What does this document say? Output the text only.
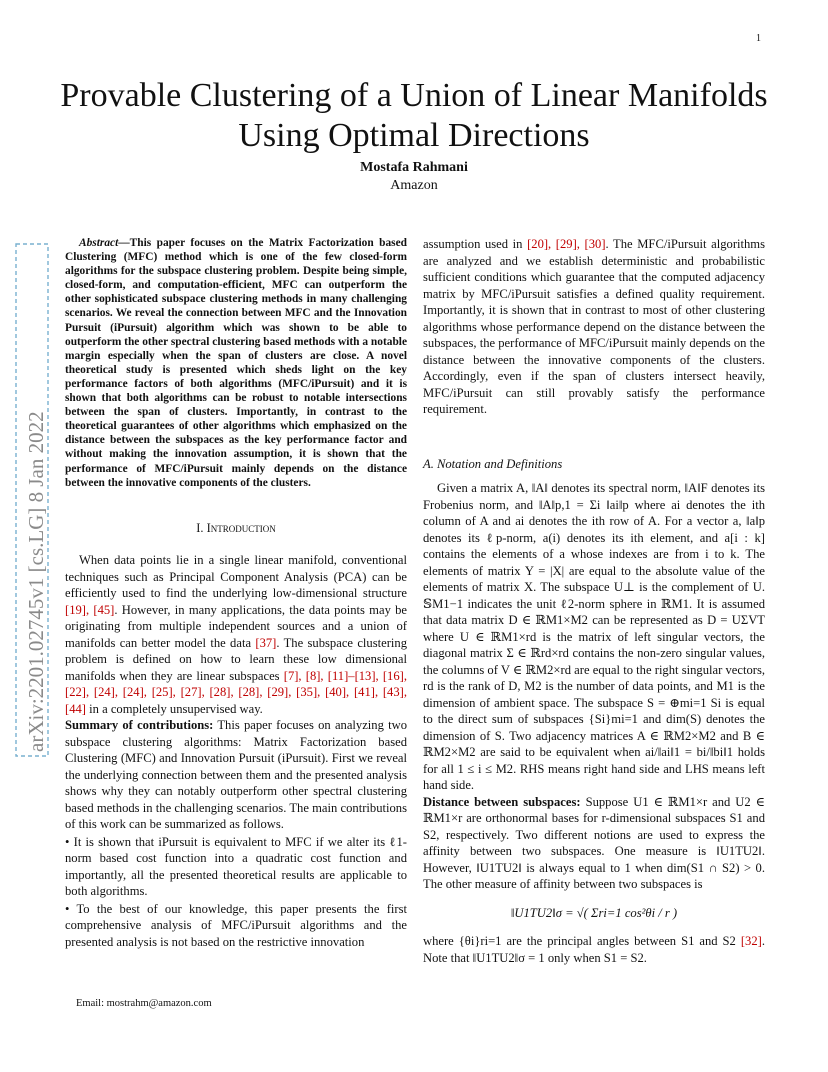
1
arXiv:2201.02745v1 [cs.LG] 8 Jan 2022
Provable Clustering of a Union of Linear Manifolds Using Optimal Directions
Mostafa Rahmani
Amazon

Abstract—This paper focuses on the Matrix Factorization based Clustering (MFC) method which is one of the few closed-form algorithms for the subspace clustering problem. Despite being simple, closed-form, and computation-efficient, MFC can outperform the other sophisticated subspace clustering methods in many challenging scenarios. We reveal the connection between MFC and the Innovation Pursuit (iPursuit) algorithm which was shown to be able to outperform the other spectral clustering based methods with a notable margin especially when the span of clusters are close. A novel theoretical study is presented which sheds light on the key performance factors of both algorithms (MFC/iPursuit) and it is shown that both algorithms can be robust to notable intersections between the span of clusters. Importantly, in contrast to the theoretical guarantees of other algorithms which emphasized on the distance between the subspaces as the key performance factor and without making the innovation assumption, it is shown that the performance of MFC/iPursuit mainly depends on the distance between the innovative components of the clusters.

I. Introduction

When data points lie in a single linear manifold, conventional techniques such as Principal Component Analysis (PCA) can be efficiently used to find the underlying low-dimensional structure [19], [45]. However, in many applications, the data points may be originating from multiple independent sources and a union of manifolds can better model the data [37]. The subspace clustering problem is defined on how to learn these low dimensional manifolds when they are linear subspaces [7], [8], [11]–[13], [16], [22], [24], [24], [25], [27], [28], [28], [29], [35], [40], [41], [43], [44] in a completely unsupervised way.

Summary of contributions: This paper focuses on analyzing two subspace clustering algorithms: Matrix Factorization based Clustering (MFC) and Innovation Pursuit (iPursuit). First we reveal the underlying connection between them and the presented analysis shows why they can notably outperform other spectral clustering based methods in the challenging scenarios. The main contributions of this work can be summarized as follows.

• It is shown that iPursuit is equivalent to MFC if we alter its ℓ1-norm based cost function into a quadratic cost function and importantly, all the presented theoretical results are applicable to both algorithms.

• To the best of our knowledge, this paper presents the first comprehensive analysis of MFC/iPursuit algorithms and the presented analysis is not based on the restrictive innovation

assumption used in [20], [29], [30]. The MFC/iPursuit algorithms are analyzed and we establish deterministic and probabilistic sufficient conditions which guarantee that the computed adjacency matrix by MFC/iPursuit satisfies a defined quality requirement. Importantly, it is shown that in contrast to most of other clustering algorithms whose performance depend on the distance between the subspaces, the performance of MFC/iPursuit mainly depends on the distance between the innovative components of the clusters. Accordingly, even if the span of clusters intersect heavily, MFC/iPursuit can still provably satisfy the performance requirement.

A. Notation and Definitions

Given a matrix A, ‖A‖ denotes its spectral norm, ‖A‖F denotes its Frobenius norm, and ‖A‖p,1 = Σi ‖ai‖p where ai denotes the ith column of A and ai denotes the ith row of A. For a vector a, ‖a‖p denotes its ℓp-norm, a(i) denotes its ith element, and a[i : k] contains the elements of a whose indexes are from i to k. The elements of matrix Y = |X| are equal to the absolute value of the elements of matrix X. The subspace U⊥ is the complement of U. 𝕊M1−1 indicates the unit ℓ2-norm sphere in ℝM1. It is assumed that data matrix D ∈ ℝM1×M2 can be represented as D = UΣVT where U ∈ ℝM1×rd is the matrix of left singular vectors, the diagonal matrix Σ ∈ ℝrd×rd contains the non-zero singular values, the columns of V ∈ ℝM2×rd are equal to the right singular vectors, rd is the rank of D, M2 is the number of data points, and M1 is the dimension of ambient space. The subspace S = ⊕mi=1 Si is equal to the direct sum of subspaces {Si}mi=1 and dim(S) denotes the dimension of S. Two adjacency matrices A ∈ ℝM2×M2 and B ∈ ℝM2×M2 are said to be equivalent when ai/‖ai‖1 = bi/‖bi‖1 holds for all 1 ≤ i ≤ M2. RHS means right hand side and LHS means left hand side.

Distance between subspaces: Suppose U1 ∈ ℝM1×r and U2 ∈ ℝM1×r are orthonormal bases for r-dimensional subspaces S1 and S2, respectively. Two different notions are used to express the affinity between two subspaces. One measure is ‖U1TU2‖. However, ‖U1TU2‖ is always equal to 1 when dim(S1 ∩ S2) > 0. The other measure of affinity between two subspaces is

‖U1TU2‖σ = √( Σri=1 cos²θi / r )

where {θi}ri=1 are the principal angles between S1 and S2 [32]. Note that ‖U1TU2‖σ = 1 only when S1 = S2.

Email: mostrahm@amazon.com
